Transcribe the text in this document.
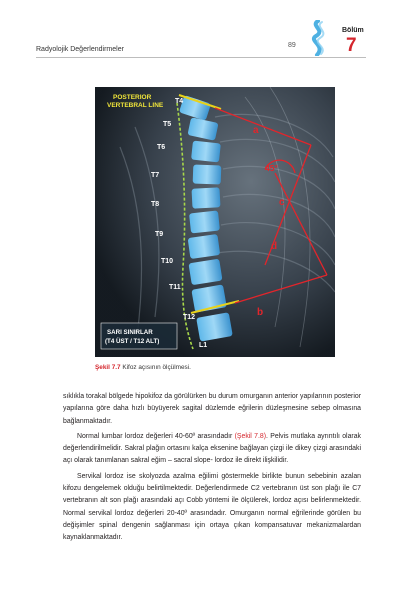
Radyolojik Değerlendirmeler
89
Bölüm
7
POSTERIOR
VERTEBRAL LINE
T4
T5
T6
T7
T8
T9
T10
T11
T12
L1
a
45°
c
d
b
SARI SINIRLAR
(T4 ÜST / T12 ALT)
Şekil 7.7 Kifoz açısının ölçülmesi.

sıklıkla torakal bölgede hipokifoz da görülürken bu durum omurganın anterior yapılarının posterior yapılarına göre daha hızlı büyüyerek sagital düzlemde eğrilerin düzleşmesine sebep olmasına bağlanmaktadır.

Normal lumbar lordoz değerleri 40-60º arasındadır (Şekil 7.8). Pelvis mutlaka ayrıntılı olarak değerlendirilmelidir. Sakral plağın ortasını kalça eksenine bağlayan çizgi ile dikey çizgi arasındaki açı olarak tanımlanan sakral eğim – sacral slope- lordoz ile direkt ilişkilidir.

Servikal lordoz ise skolyozda azalma eğilimi göstermekle birlikte bunun sebebinin azalan kifozu dengelemek olduğu belirtilmektedir. Değerlendirmede C2 vertebranın üst son plağı ile C7 vertebranın alt son plağı arasındaki açı Cobb yöntemi ile ölçülerek, lordoz açısı belirlenmektedir. Normal servikal lordoz değerleri 20-40º arasındadır. Omurganın normal eğrilerinde görülen bu değişimler spinal dengenin sağlanması için ortaya çıkan kompansatuvar mekanizmalardan kaynaklanmaktadır.
